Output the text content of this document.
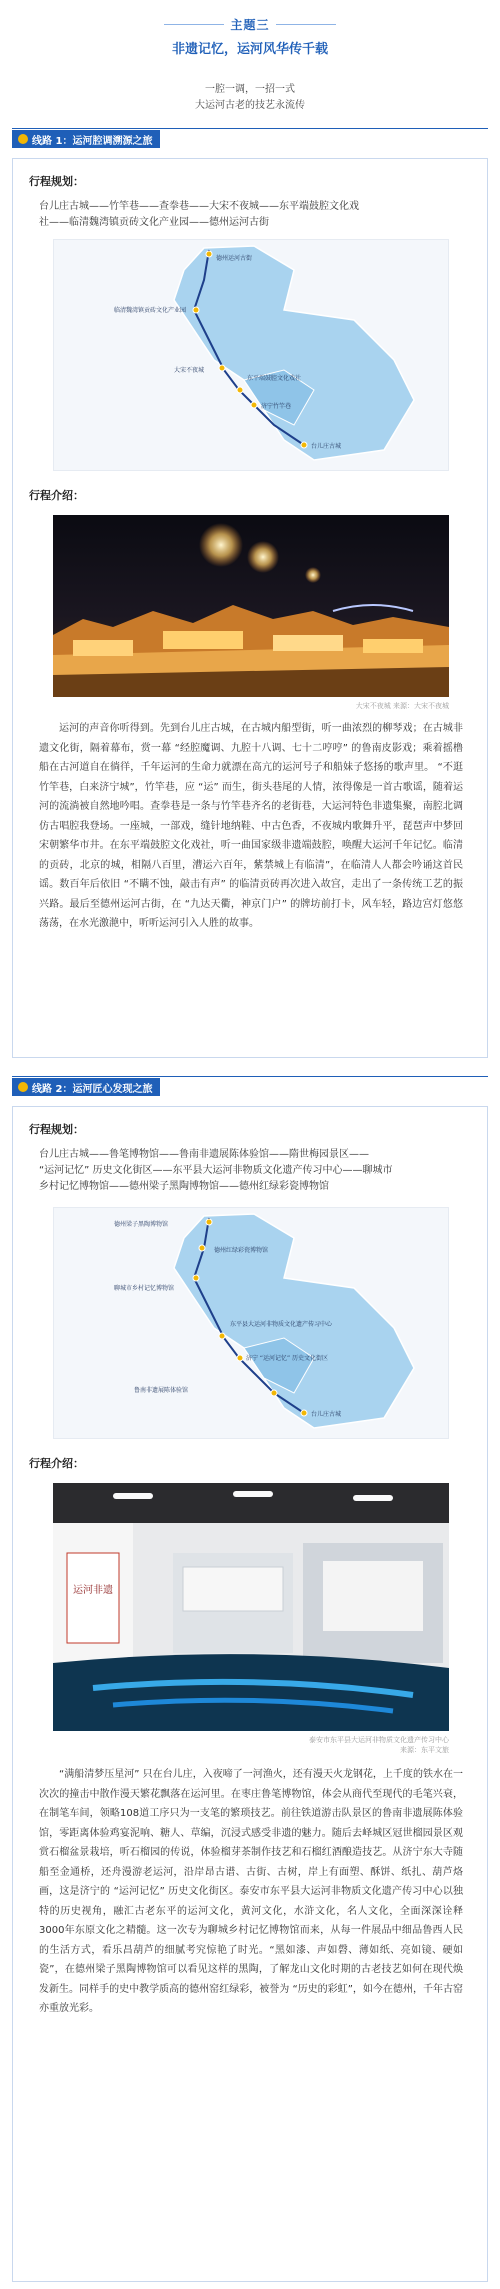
主题三
非遗记忆，运河风华传千载
一腔一调，一招一式
大运河古老的技艺永流传
线路 1：运河腔调溯源之旅
行程规划：
台儿庄古城——竹竿巷——查拳巷——大宋不夜城——东平端鼓腔文化戏
社——临清魏湾镇贡砖文化产业园——德州运河古街
德州运河古街
临清魏湾镇贡砖文化产业园
大宋不夜城
东平端鼓腔文化戏社
济宁竹竿巷
台儿庄古城
行程介绍：
大宋不夜城 来源：大宋不夜城
运河的声音你听得到。先到台儿庄古城，在古城内船型街，听一曲浓烈的柳琴戏；在古城非遗文化街，隔着幕布，赏一幕 “经腔魔调、九腔十八调、七十二哼哼” 的鲁南皮影戏；乘着摇橹船在古河道自在徜徉，千年运河的生命力就漂在高亢的运河号子和船妹子悠扬的歌声里。 “不逛竹竿巷，白来济宁城”，竹竿巷，应 “运” 而生，街头巷尾的人情，浓得像是一首古歌谣，随着运河的流淌被自然地吟唱。查拳巷是一条与竹竿巷齐名的老街巷，大运河特色非遗集聚，南腔北调仿古唱腔我登场。一座城，一部戏，缝针地纳鞋、中古色香，不夜城内歌舞升平，琵琶声中梦回宋朝繁华市井。在东平端鼓腔文化戏社，听一曲国家级非遗端鼓腔，唤醒大运河千年记忆。临清的贡砖，北京的城，相隔八百里，漕运六百年，紫禁城上有临清”，在临清人人都会吟诵这首民谣。数百年后依旧 “不瞒不蚀，敲击有声” 的临清贡砖再次进入故宫，走出了一条传统工艺的振兴路。最后至德州运河古街，在 “九达天衢，神京门户” 的牌坊前打卡，风车轻，路边宫灯悠悠荡荡，在水光激滟中，听听运河引入人胜的故事。
线路 2：运河匠心发现之旅
行程规划：
台儿庄古城——鲁笔博物馆——鲁南非遗展陈体验馆——隋世梅园景区——
“运河记忆” 历史文化街区——东平县大运河非物质文化遗产传习中心——聊城市
乡村记忆博物馆——德州梁子黑陶博物馆——德州红绿彩瓷博物馆
德州梁子黑陶博物馆
德州红绿彩瓷博物馆
聊城市乡村记忆博物馆
东平县大运河非物质文化遗产传习中心
济宁 “运河记忆” 历史文化街区
鲁南非遗展陈体验馆
台儿庄古城
行程介绍：
运河非遗
泰安市东平县大运河非物质文化遗产传习中心
来源：东平文旅
“满船清梦压星河” 只在台儿庄，入夜啼了一河渔火，还有漫天火龙钢花，上千度的铁水在一次次的撞击中散作漫天繁花飘落在运河里。在枣庄鲁笔博物馆，体会从商代至现代的毛笔兴衰，在制笔车间，领略108道工序只为一支笔的繁琐技艺。前往铁道游击队景区的鲁南非遗展陈体验馆，零距离体验鸡宴泥响、糖人、草编，沉浸式感受非遗的魅力。随后去峄城区冠世榴园景区观赏石榴盆景栽培，听石榴园的传说，体验榴芽茶制作技艺和石榴红酒酿造技艺。从济宁东大寺随船至金通桥，还舟漫游老运河，沿岸昂古谱、古街、古树，岸上有面塑、酥饼、纸扎、葫芦烙画，这是济宁的 “运河记忆” 历史文化街区。泰安市东平县大运河非物质文化遗产传习中心以独特的历史视角，融汇古老东平的运河文化，黄河文化，水浒文化，名人文化，全面深深诠释3000年东原文化之精髓。这一次专为聊城乡村记忆博物馆而来，从每一件展品中细品鲁西人民的生活方式，看乐昌葫芦的细腻考究惊艳了时光。“黑如漆、声如磬、薄如纸、亮如镜、硬如瓷”，在德州梁子黑陶博物馆可以看见这样的黑陶，了解龙山文化时期的古老技艺如何在现代焕发新生。同样手的史中教学质高的德州窑红绿彩，被誉为 “历史的彩虹”，如今在德州，千年古窑亦重放光彩。
